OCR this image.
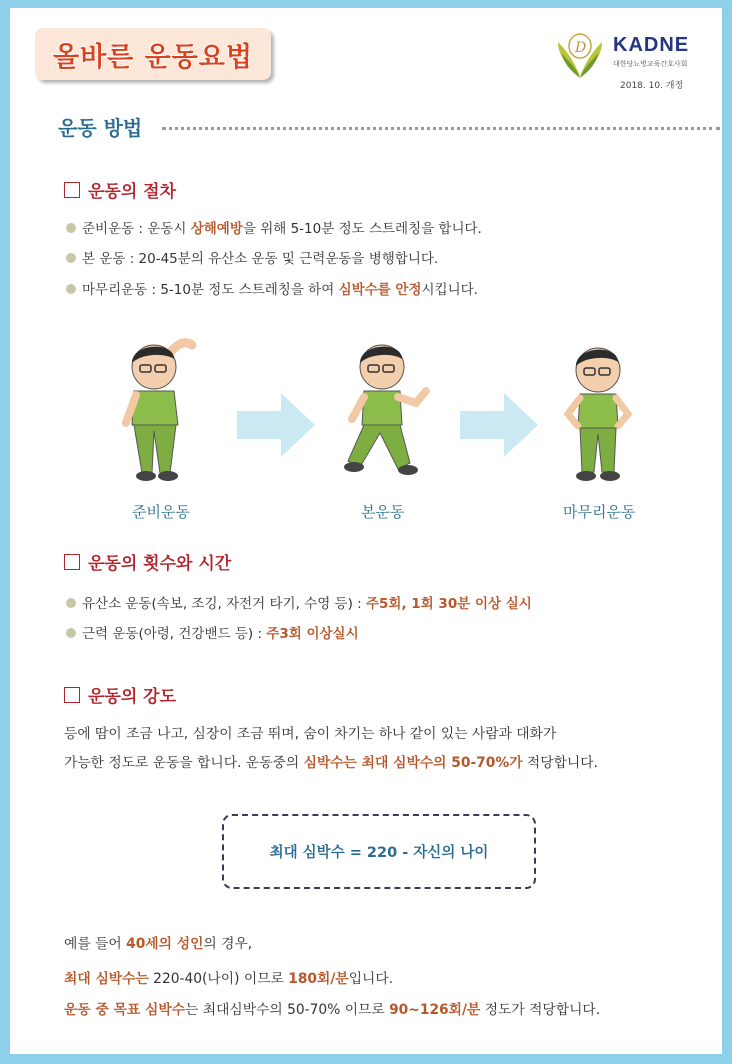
올바른 운동요법	D KADNE
대한당뇨병교육간호사회
2018. 10. 개정
운동 방법
운동의 절차
준비운동 : 운동시 상해예방을 위해 5-10분 정도 스트레칭을 합니다.
본 운동 : 20-45분의 유산소 운동 및 근력운동을 병행합니다.
마무리운동 : 5-10분 정도 스트레칭을 하여 심박수를 안정시킵니다.
준비운동	본운동	마무리운동
운동의 횟수와 시간
유산소 운동(속보, 조깅, 자전거 타기, 수영 등) : 주5회, 1회 30분 이상 실시
근력 운동(아령, 건강밴드 등) : 주3회 이상실시
운동의 강도
등에 땀이 조금 나고, 심장이 조금 뛰며, 숨이 차기는 하나 같이 있는 사람과 대화가
가능한 정도로 운동을 합니다. 운동중의 심박수는 최대 심박수의 50-70%가 적당합니다.
최대 심박수 = 220 - 자신의 나이
예를 들어 40세의 성인의 경우,
최대 심박수는 220-40(나이) 이므로 180회/분입니다.
운동 중 목표 심박수는 최대심박수의 50-70% 이므로 90~126회/분 정도가 적당합니다.
